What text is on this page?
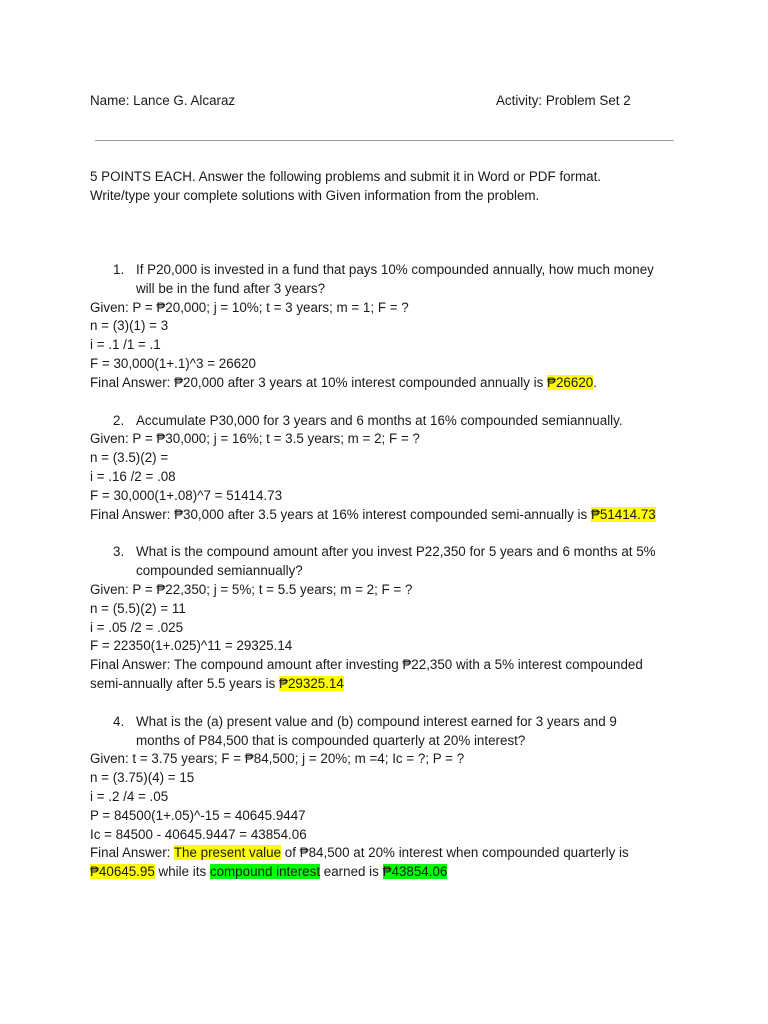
Name: Lance G. Alcaraz	Activity: Problem Set 2
5 POINTS EACH. Answer the following problems and submit it in Word or PDF format.
Write/type your complete solutions with Given information from the problem.
1. If P20,000 is invested in a fund that pays 10% compounded annually, how much money
will be in the fund after 3 years?
Given: P = ₱20,000; j = 10%; t = 3 years; m = 1; F = ?
n = (3)(1) = 3
i = .1 /1 = .1
F = 30,000(1+.1)^3 = 26620
Final Answer: ₱20,000 after 3 years at 10% interest compounded annually is ₱26620.
2. Accumulate P30,000 for 3 years and 6 months at 16% compounded semiannually.
Given: P = ₱30,000; j = 16%; t = 3.5 years; m = 2; F = ?
n = (3.5)(2) =
i = .16 /2 = .08
F = 30,000(1+.08)^7 = 51414.73
Final Answer: ₱30,000 after 3.5 years at 16% interest compounded semi-annually is ₱51414.73
3. What is the compound amount after you invest P22,350 for 5 years and 6 months at 5%
compounded semiannually?
Given: P = ₱22,350; j = 5%; t = 5.5 years; m = 2; F = ?
n = (5.5)(2) = 11
i = .05 /2 = .025
F = 22350(1+.025)^11 = 29325.14
Final Answer: The compound amount after investing ₱22,350 with a 5% interest compounded
semi-annually after 5.5 years is ₱29325.14
4. What is the (a) present value and (b) compound interest earned for 3 years and 9
months of P84,500 that is compounded quarterly at 20% interest?
Given: t = 3.75 years; F = ₱84,500; j = 20%; m =4; Ic = ?; P = ?
n = (3.75)(4) = 15
i = .2 /4 = .05
P = 84500(1+.05)^-15 = 40645.9447
Ic = 84500 - 40645.9447 = 43854.06
Final Answer: The present value of ₱84,500 at 20% interest when compounded quarterly is
₱40645.95 while its compound interest earned is ₱43854.06
